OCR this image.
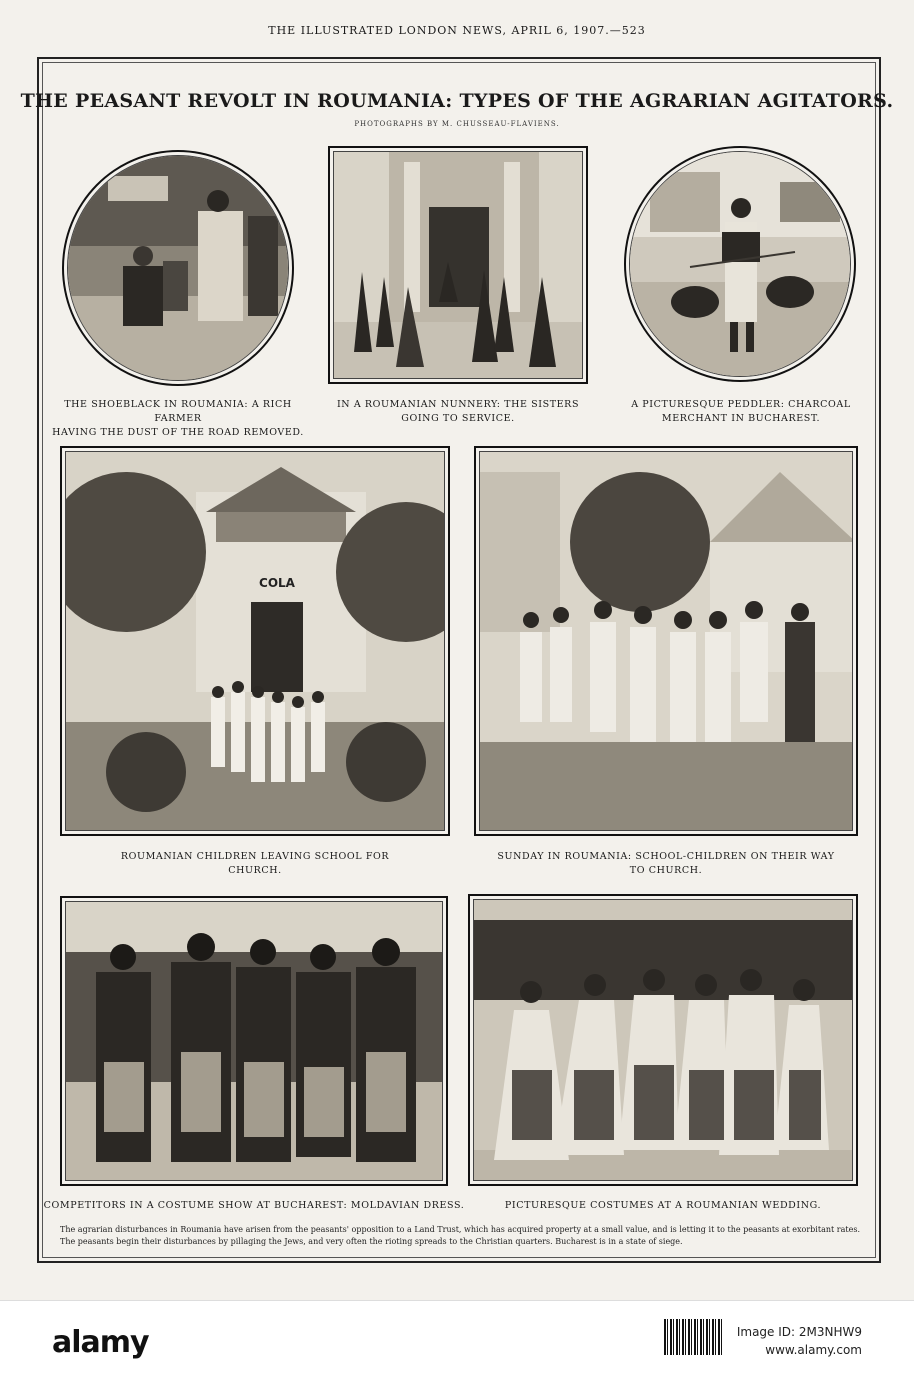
THE ILLUSTRATED LONDON NEWS, APRIL 6, 1907.—523
THE PEASANT REVOLT IN ROUMANIA: TYPES OF THE AGRARIAN AGITATORS.
PHOTOGRAPHS BY M. CHUSSEAU-FLAVIENS.
THE SHOEBLACK IN ROUMANIA: A RICH FARMER
HAVING THE DUST OF THE ROAD REMOVED.
IN A ROUMANIAN NUNNERY: THE SISTERS
GOING TO SERVICE.
A PICTURESQUE PEDDLER: CHARCOAL
MERCHANT IN BUCHAREST.
COLA
ROUMANIAN CHILDREN LEAVING SCHOOL FOR
CHURCH.
SUNDAY IN ROUMANIA: SCHOOL-CHILDREN ON THEIR WAY
TO CHURCH.
COMPETITORS IN A COSTUME SHOW AT BUCHAREST: MOLDAVIAN DRESS.	PICTURESQUE COSTUMES AT A ROUMANIAN WEDDING.
The agrarian disturbances in Roumania have arisen from the peasants' opposition to a Land Trust, which has acquired property at a small value, and is letting it to the peasants at exorbitant rates. The peasants begin their disturbances by pillaging the Jews, and very often the rioting spreads to the Christian quarters. Bucharest is in a state of siege.
alamy	Image ID: 2M3NHW9
www.alamy.com
